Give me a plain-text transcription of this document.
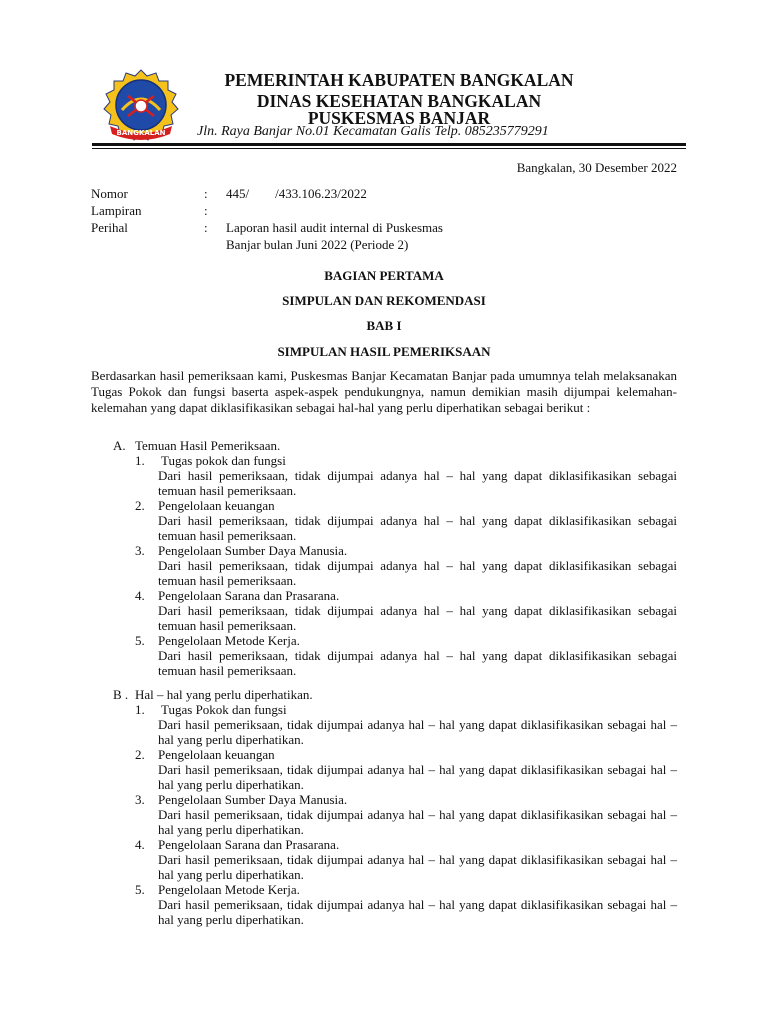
BANGKALAN
PEMERINTAH KABUPATEN BANGKALAN
DINAS KESEHATAN BANGKALAN
PUSKESMAS BANJAR
Jln. Raya Banjar No.01 Kecamatan Galis Telp. 085235779291
Bangkalan, 30 Desember 2022
Nomor	:	445/        /433.106.23/2022
Lampiran	:
Perihal	:	Laporan hasil audit internal di Puskesmas Banjar bulan Juni 2022 (Periode 2)
BAGIAN PERTAMA
SIMPULAN DAN REKOMENDASI
BAB I
SIMPULAN HASIL PEMERIKSAAN
Berdasarkan hasil pemeriksaan kami, Puskesmas Banjar Kecamatan Banjar pada umumnya telah melaksanakan Tugas Pokok dan fungsi baserta aspek-aspek pendukungnya, namun demikian masih dijumpai kelemahan-kelemahan yang dapat diklasifikasikan sebagai hal-hal yang perlu diperhatikan sebagai berikut :
A. Temuan Hasil Pemeriksaan.
1.	Tugas pokok dan fungsi
Dari hasil pemeriksaan, tidak dijumpai adanya hal – hal yang dapat diklasifikasikan sebagai temuan hasil pemeriksaan.
2.	Pengelolaan keuangan
Dari hasil pemeriksaan, tidak dijumpai adanya hal – hal yang dapat diklasifikasikan sebagai temuan hasil pemeriksaan.
3.	Pengelolaan Sumber Daya Manusia.
Dari hasil pemeriksaan, tidak dijumpai adanya hal – hal yang dapat diklasifikasikan sebagai temuan hasil pemeriksaan.
4.	Pengelolaan Sarana dan Prasarana.
Dari hasil pemeriksaan, tidak dijumpai adanya hal – hal yang dapat diklasifikasikan sebagai temuan hasil pemeriksaan.
5.	Pengelolaan Metode Kerja.
Dari hasil pemeriksaan, tidak dijumpai adanya hal – hal yang dapat diklasifikasikan sebagai temuan hasil pemeriksaan.
B . Hal – hal yang perlu diperhatikan.
1.	Tugas Pokok dan fungsi
Dari hasil pemeriksaan, tidak dijumpai adanya hal – hal yang dapat diklasifikasikan sebagai hal – hal yang perlu diperhatikan.
2.	Pengelolaan keuangan
Dari hasil pemeriksaan, tidak dijumpai adanya hal – hal yang dapat diklasifikasikan sebagai hal – hal yang perlu diperhatikan.
3.	Pengelolaan Sumber Daya Manusia.
Dari hasil pemeriksaan, tidak dijumpai adanya hal – hal yang dapat diklasifikasikan sebagai hal – hal yang perlu diperhatikan.
4.	Pengelolaan Sarana dan Prasarana.
Dari hasil pemeriksaan, tidak dijumpai adanya hal – hal yang dapat diklasifikasikan sebagai hal – hal yang perlu diperhatikan.
5.	Pengelolaan Metode Kerja.
Dari hasil pemeriksaan, tidak dijumpai adanya hal – hal yang dapat diklasifikasikan sebagai hal – hal yang perlu diperhatikan.
